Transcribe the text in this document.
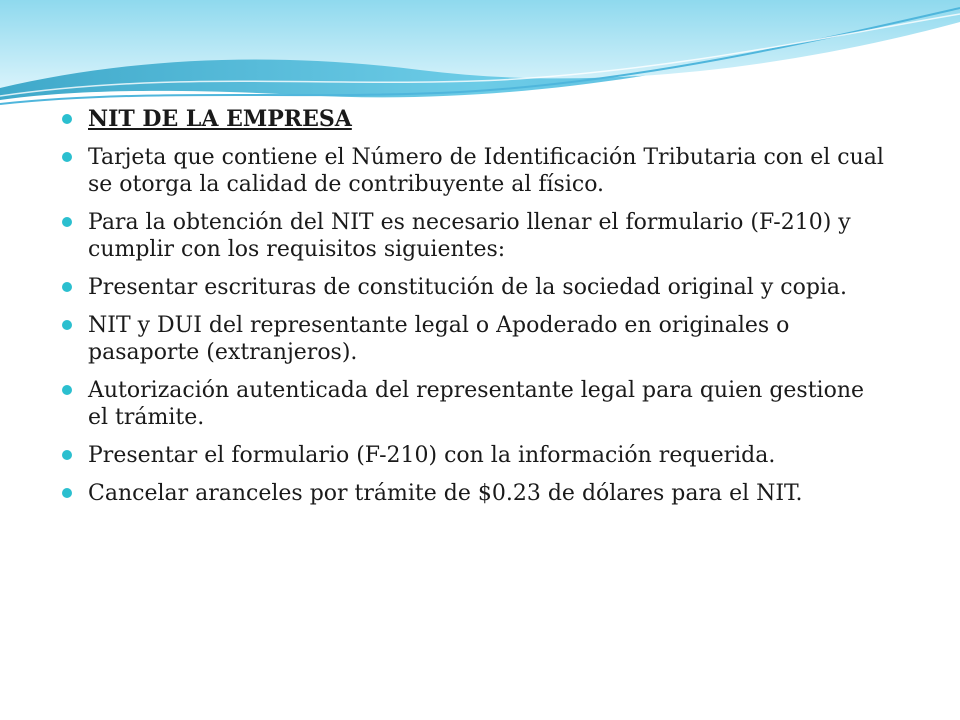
NIT DE LA EMPRESA
Tarjeta que contiene el Número de Identificación Tributaria con el cual se otorga la calidad de contribuyente al físico.
Para la obtención del NIT es necesario llenar el formulario (F-210) y cumplir con los requisitos siguientes:
Presentar escrituras de constitución de la sociedad original y copia.
NIT y DUI del representante legal o Apoderado en originales o pasaporte (extranjeros).
Autorización autenticada del representante legal para quien gestione el trámite.
Presentar el formulario (F-210) con la información requerida.
Cancelar aranceles por trámite de $0.23 de dólares para el NIT.
